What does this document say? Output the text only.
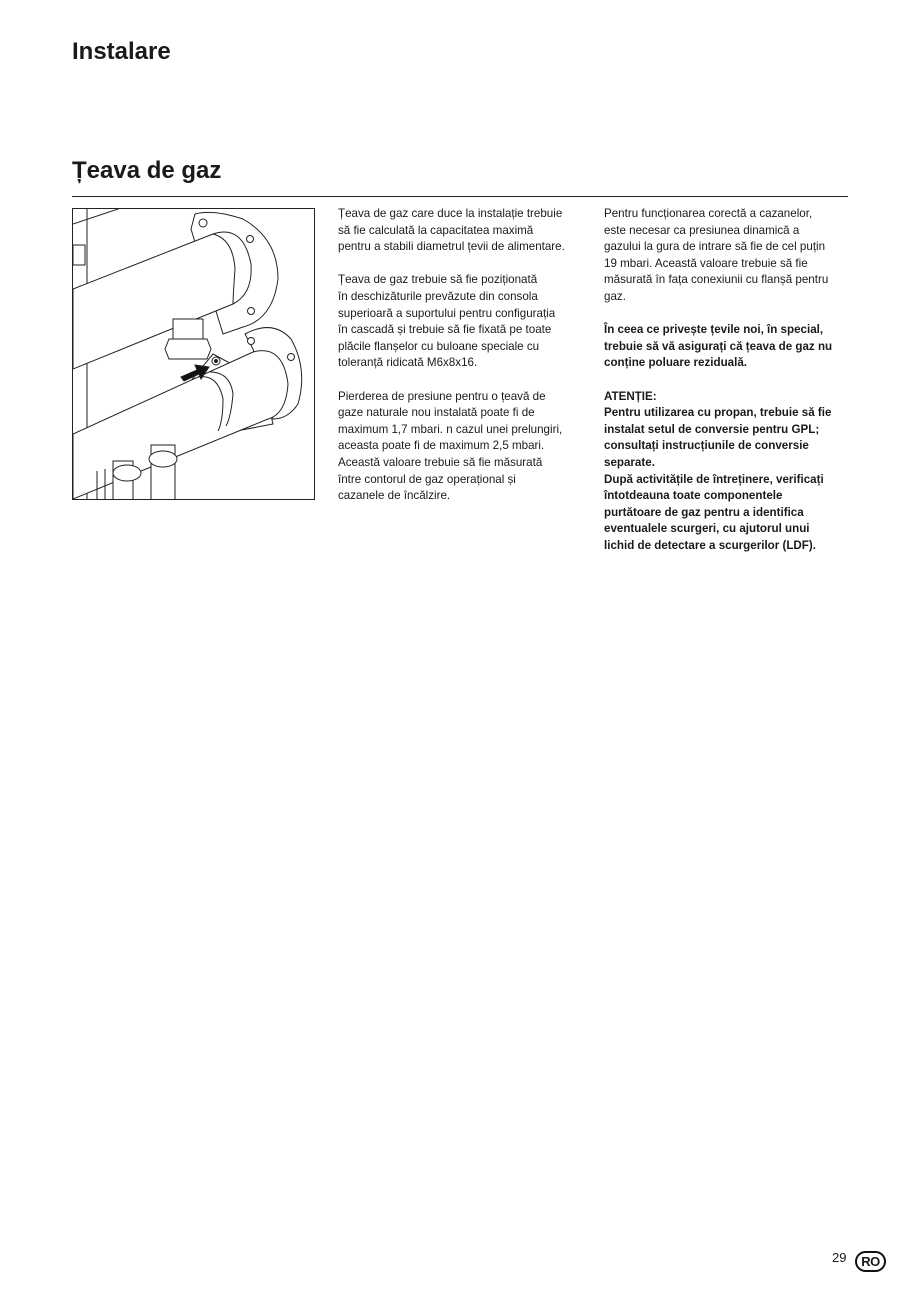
Instalare
Țeava de gaz

Țeava de gaz care duce la instalație trebuie
să fie calculată la capacitatea maximă
pentru a stabili diametrul țevii de alimentare.

Țeava de gaz trebuie să fie poziționată
în deschizăturile prevăzute din consola
superioară a suportului pentru configurația
în cascadă și trebuie să fie fixată pe toate
plăcile flanșelor cu buloane speciale cu
toleranță ridicată M6x8x16.

Pierderea de presiune pentru o țeavă de
gaze naturale nou instalată poate fi de
maximum 1,7 mbari. n cazul unei prelungiri,
aceasta poate fi de maximum 2,5 mbari.
Această valoare trebuie să fie măsurată
între contorul de gaz operațional și
cazanele de încălzire.

Pentru funcționarea corectă a cazanelor,
este necesar ca presiunea dinamică a
gazului la gura de intrare să fie de cel puțin
19 mbari. Această valoare trebuie să fie
măsurată în fața conexiunii cu flanșă pentru
gaz.

În ceea ce privește țevile noi, în special,
trebuie să vă asigurați că țeava de gaz nu
conține poluare reziduală.

ATENȚIE:
Pentru utilizarea cu propan, trebuie să fie
instalat setul de conversie pentru GPL;
consultați instrucțiunile de conversie
separate.
După activitățile de întreținere, verificați
întotdeauna toate componentele
purtătoare de gaz pentru a identifica
eventualele scurgeri, cu ajutorul unui
lichid de detectare a scurgerilor (LDF).

29	RO
